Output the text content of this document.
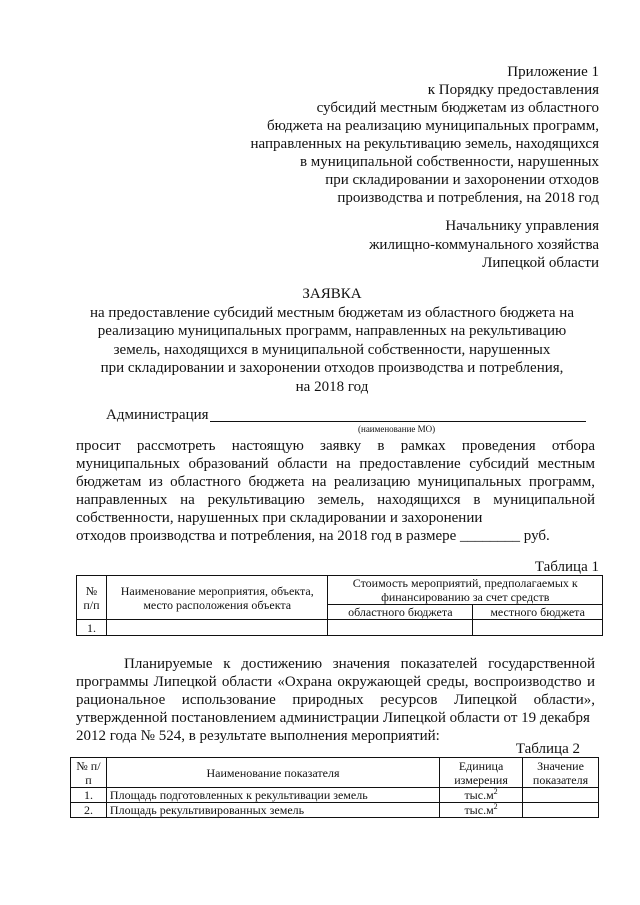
Приложение 1
к Порядку предоставления
субсидий местным бюджетам из областного
бюджета на реализацию муниципальных программ,
направленных на рекультивацию земель, находящихся
в муниципальной собственности, нарушенных
при складировании и захоронении отходов
производства и потребления, на 2018 год
Начальнику управления
жилищно-коммунального хозяйства
Липецкой области
ЗАЯВКА
на предоставление субсидий местным бюджетам из областного бюджета на
реализацию муниципальных программ, направленных на рекультивацию
земель, находящихся в муниципальной собственности, нарушенных
при складировании и захоронении отходов производства и потребления,
на 2018 год
Администрация
(наименование МО)

просит рассмотреть настоящую заявку в рамках проведения отбора муниципальных образований области на предоставление субсидий местным бюджетам из областного бюджета на реализацию муниципальных программ, направленных на рекультивацию земель, находящихся в муниципальной собственности, нарушенных при складировании и захоронении

отходов производства и потребления, на 2018 год в размере ________ руб.

Таблица 1
№ п/п	Наименование мероприятия, объекта, место расположения объекта	Стоимость мероприятий, предполагаемых к финансированию за счет средств	
		областного бюджета	местного бюджета
1.			

Планируемые к достижению значения показателей государственной программы Липецкой области «Охрана окружающей среды, воспроизводство и рациональное использование природных ресурсов Липецкой области», утвержденной постановлением администрации Липецкой области от 19 декабря

2012 года № 524, в результате выполнения мероприятий:

Таблица 2
№ п/п	Наименование показателя	Единица измерения	Значение показателя
1.	Площадь подготовленных к рекультивации земель	$тыс.м^2$	
2.	Площадь рекультивированных земель	$тыс.м^2$	
